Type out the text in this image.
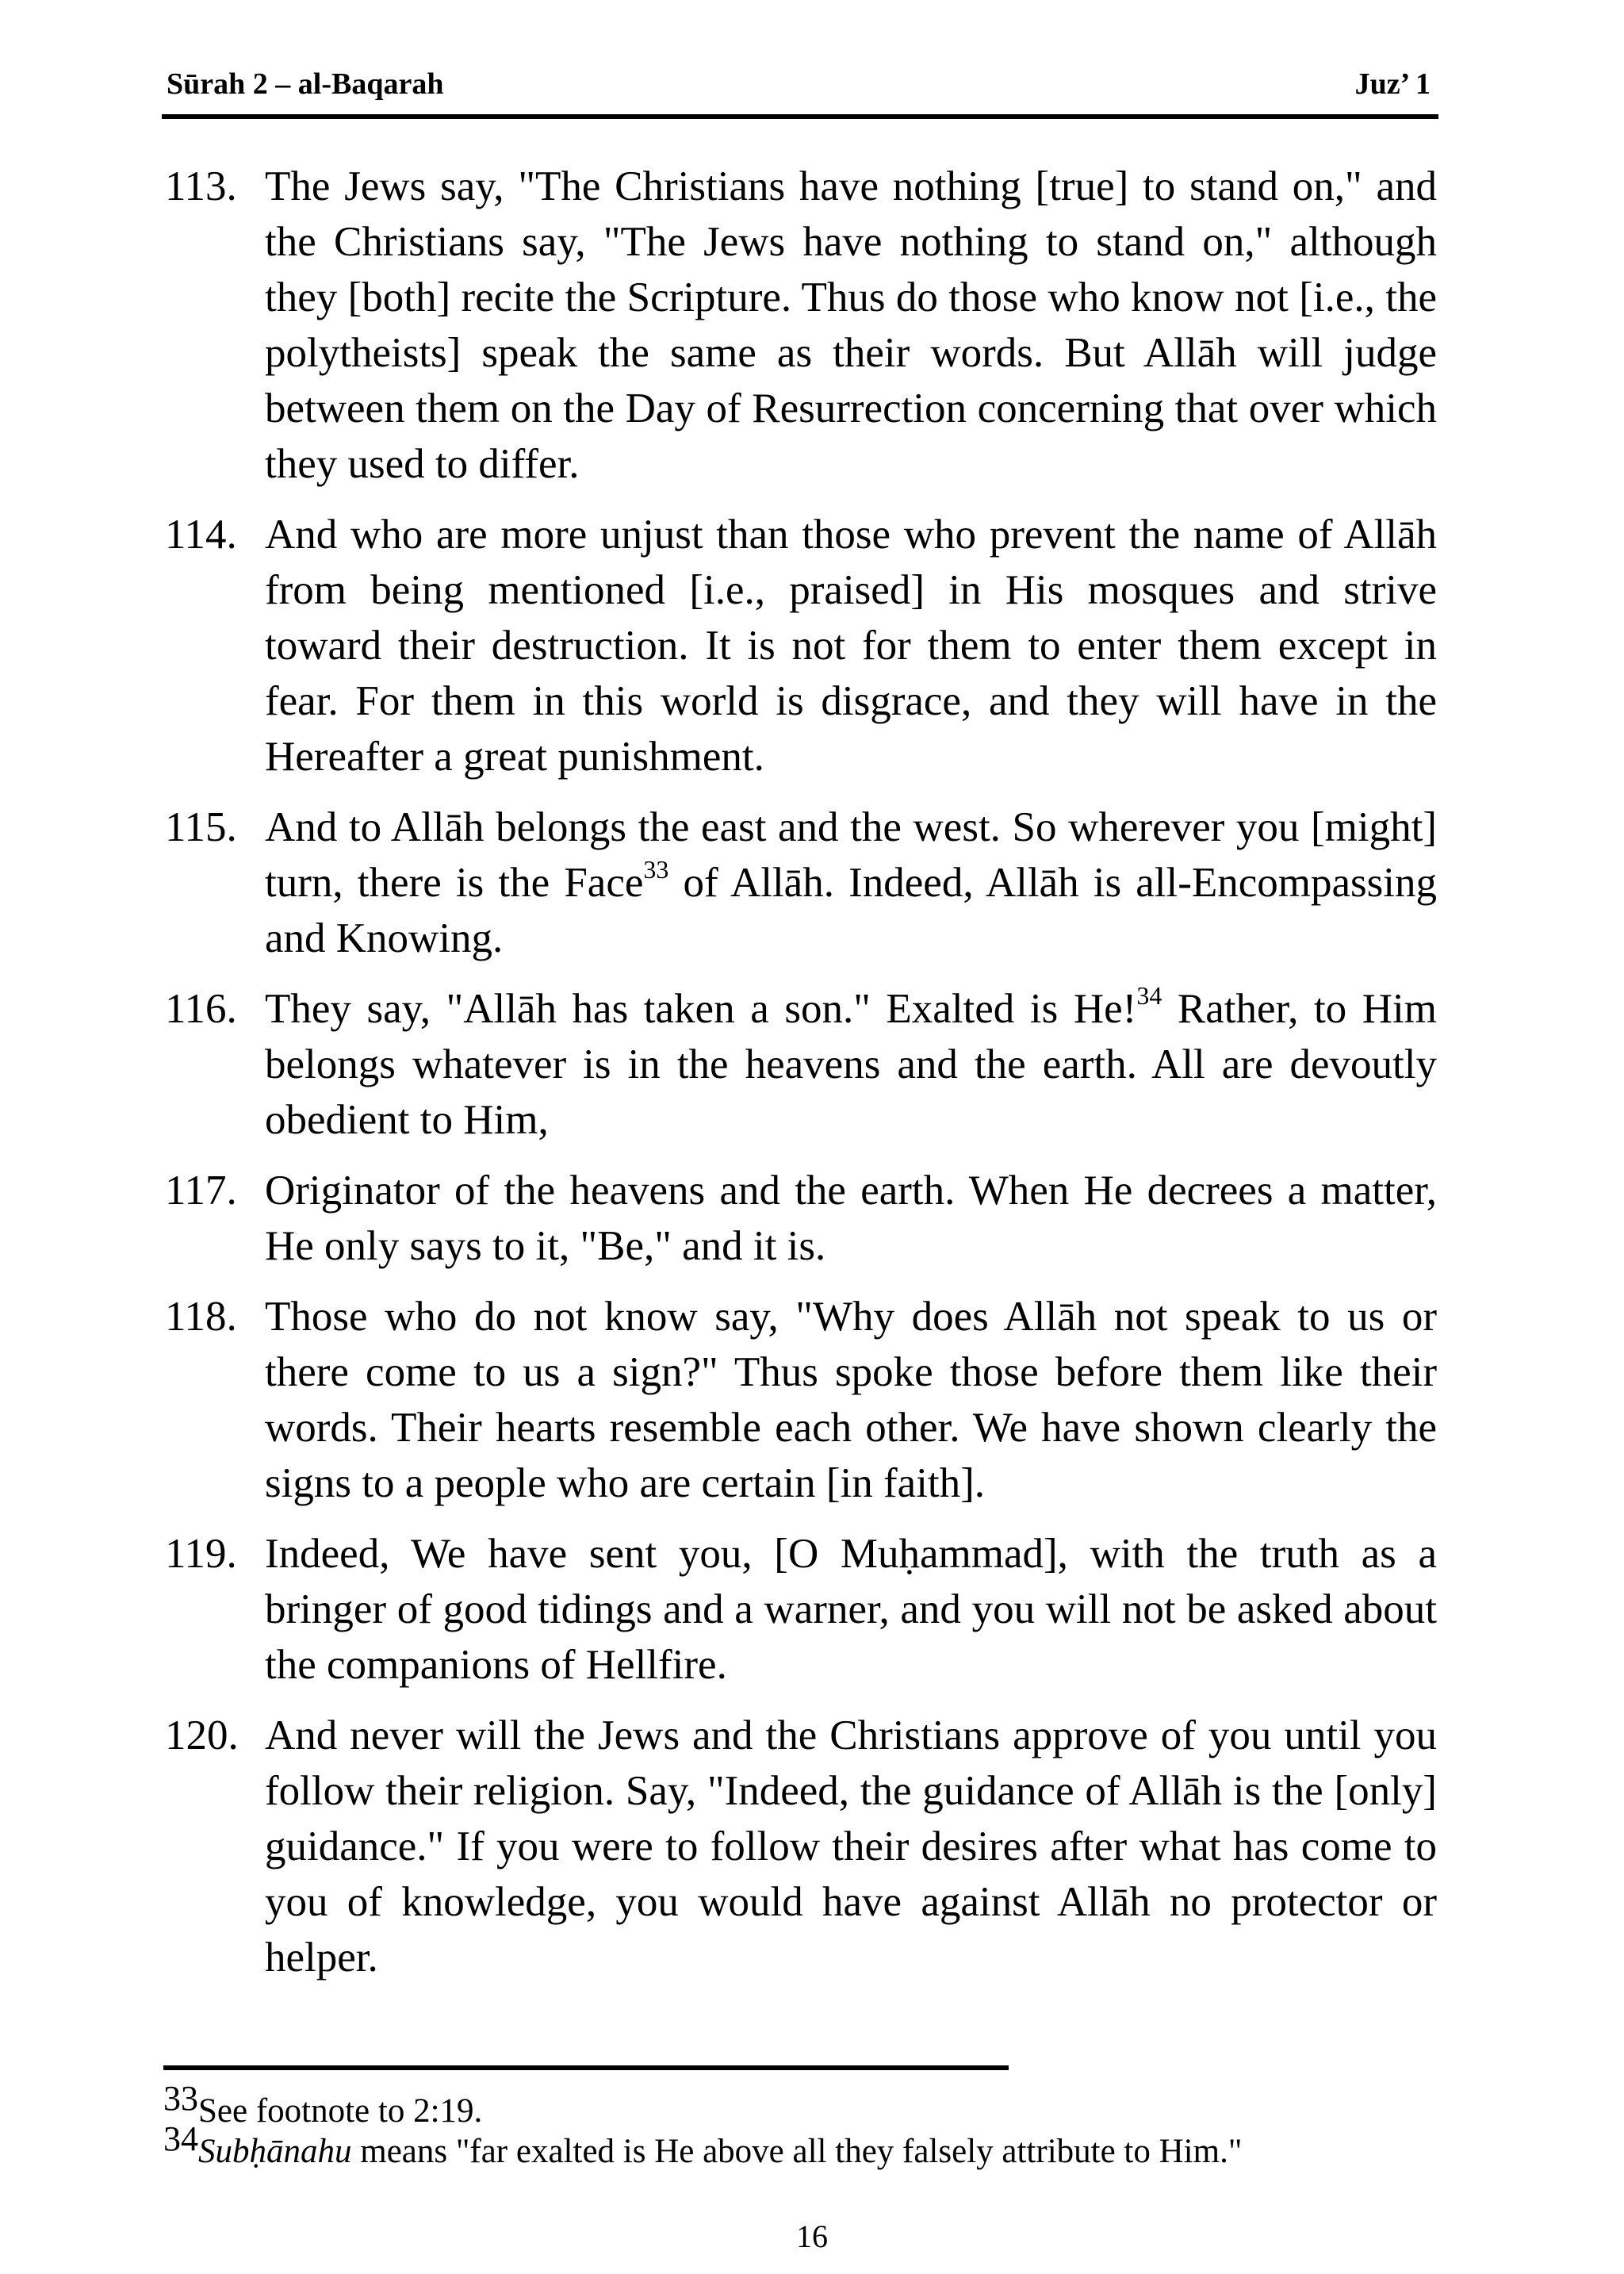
Sūrah 2 – al-Baqarah	Juz’ 1
113. The Jews say, "The Christians have nothing [true] to stand on," and the Christians say, "The Jews have nothing to stand on," although they [both] recite the Scripture. Thus do those who know not [i.e., the polytheists] speak the same as their words. But Allāh will judge between them on the Day of Resurrection concerning that over which they used to differ.
114. And who are more unjust than those who prevent the name of Allāh from being mentioned [i.e., praised] in His mosques and strive toward their destruction. It is not for them to enter them except in fear. For them in this world is disgrace, and they will have in the Hereafter a great punishment.
115. And to Allāh belongs the east and the west. So wherever you [might] turn, there is the Face$^{33}$ of Allāh. Indeed, Allāh is all-Encompassing and Knowing.
116. They say, "Allāh has taken a son." Exalted is He!$^{34}$ Rather, to Him belongs whatever is in the heavens and the earth. All are devoutly obedient to Him,
117. Originator of the heavens and the earth. When He decrees a matter, He only says to it, "Be," and it is.
118. Those who do not know say, "Why does Allāh not speak to us or there come to us a sign?" Thus spoke those before them like their words. Their hearts resemble each other. We have shown clearly the signs to a people who are certain [in faith].
119. Indeed, We have sent you, [O Muḥammad], with the truth as a bringer of good tidings and a warner, and you will not be asked about the companions of Hellfire.
120. And never will the Jews and the Christians approve of you until you follow their religion. Say, "Indeed, the guidance of Allāh is the [only] guidance." If you were to follow their desires after what has come to you of knowledge, you would have against Allāh no protector or helper.
33See footnote to 2:19.
34Subḥānahu means "far exalted is He above all they falsely attribute to Him."
16
